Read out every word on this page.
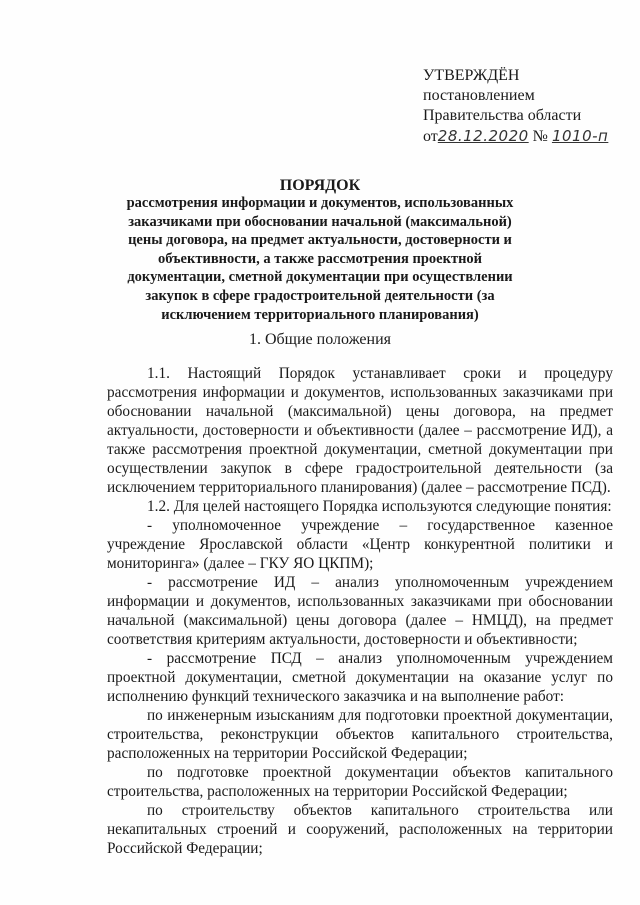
УТВЕРЖДЁН
постановлением
Правительства области
от28.12.2020 № 1010-п
ПОРЯДОК
рассмотрения информации и документов, использованных заказчиками при обосновании начальной (максимальной) цены договора, на предмет актуальности, достоверности и объективности, а также рассмотрения проектной документации, сметной документации при осуществлении закупок в сфере градостроительной деятельности (за исключением территориального планирования)
1. Общие положения

1.1. Настоящий Порядок устанавливает сроки и процедуру рассмотрения информации и документов, использованных заказчиками при обосновании начальной (максимальной) цены договора, на предмет актуальности, достоверности и объективности (далее – рассмотрение ИД), а также рассмотрения проектной документации, сметной документации при осуществлении закупок в сфере градостроительной деятельности (за исключением территориального планирования) (далее – рассмотрение ПСД).

1.2. Для целей настоящего Порядка используются следующие понятия:

- уполномоченное учреждение – государственное казенное учреждение Ярославской области «Центр конкурентной политики и мониторинга» (далее – ГКУ ЯО ЦКПМ);

- рассмотрение ИД – анализ уполномоченным учреждением информации и документов, использованных заказчиками при обосновании начальной (максимальной) цены договора (далее – НМЦД), на предмет соответствия критериям актуальности, достоверности и объективности;

- рассмотрение ПСД – анализ уполномоченным учреждением проектной документации, сметной документации на оказание услуг по исполнению функций технического заказчика и на выполнение работ:

по инженерным изысканиям для подготовки проектной документации, строительства, реконструкции объектов капитального строительства, расположенных на территории Российской Федерации;

по подготовке проектной документации объектов капитального строительства, расположенных на территории Российской Федерации;

по строительству объектов капитального строительства или некапитальных строений и сооружений, расположенных на территории Российской Федерации;
